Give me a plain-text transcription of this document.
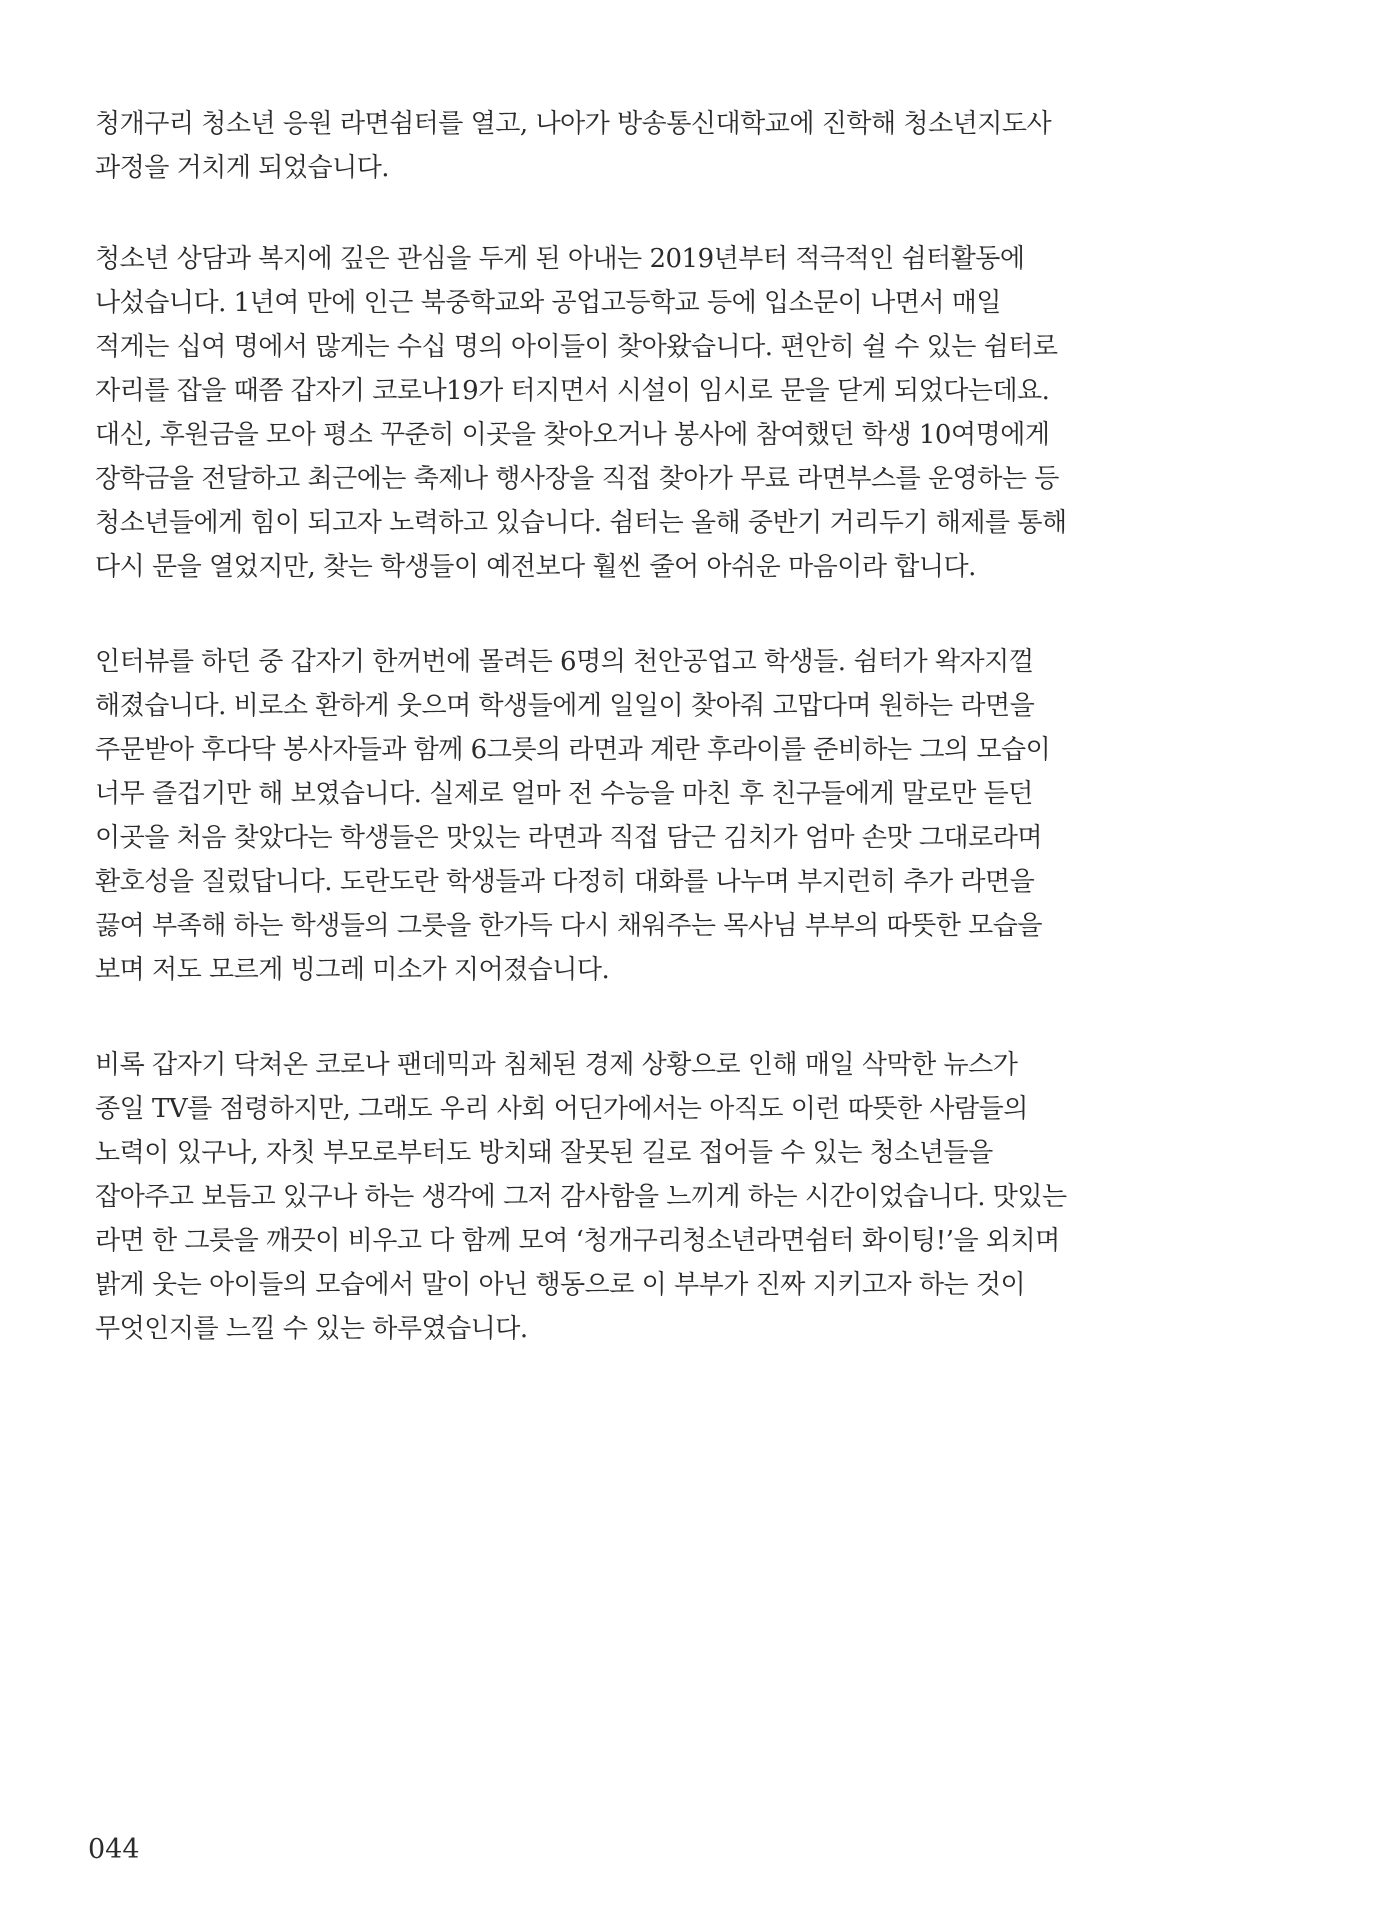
청개구리 청소년 응원 라면쉼터를 열고, 나아가 방송통신대학교에 진학해 청소년지도사
과정을 거치게 되었습니다.
청소년 상담과 복지에 깊은 관심을 두게 된 아내는 2019년부터 적극적인 쉼터활동에
나섰습니다. 1년여 만에 인근 북중학교와 공업고등학교 등에 입소문이 나면서 매일
적게는 십여 명에서 많게는 수십 명의 아이들이 찾아왔습니다. 편안히 쉴 수 있는 쉼터로
자리를 잡을 때쯤 갑자기 코로나19가 터지면서 시설이 임시로 문을 닫게 되었다는데요.
대신, 후원금을 모아 평소 꾸준히 이곳을 찾아오거나 봉사에 참여했던 학생 10여명에게
장학금을 전달하고 최근에는 축제나 행사장을 직접 찾아가 무료 라면부스를 운영하는 등
청소년들에게 힘이 되고자 노력하고 있습니다. 쉼터는 올해 중반기 거리두기 해제를 통해
다시 문을 열었지만, 찾는 학생들이 예전보다 훨씬 줄어 아쉬운 마음이라 합니다.
인터뷰를 하던 중 갑자기 한꺼번에 몰려든 6명의 천안공업고 학생들. 쉼터가 왁자지껄
해졌습니다. 비로소 환하게 웃으며 학생들에게 일일이 찾아줘 고맙다며 원하는 라면을
주문받아 후다닥 봉사자들과 함께 6그릇의 라면과 계란 후라이를 준비하는 그의 모습이
너무 즐겁기만 해 보였습니다. 실제로 얼마 전 수능을 마친 후 친구들에게 말로만 듣던
이곳을 처음 찾았다는 학생들은 맛있는 라면과 직접 담근 김치가 엄마 손맛 그대로라며
환호성을 질렀답니다. 도란도란 학생들과 다정히 대화를 나누며 부지런히 추가 라면을
끓여 부족해 하는 학생들의 그릇을 한가득 다시 채워주는 목사님 부부의 따뜻한 모습을
보며 저도 모르게 빙그레 미소가 지어졌습니다.
비록 갑자기 닥쳐온 코로나 팬데믹과 침체된 경제 상황으로 인해 매일 삭막한 뉴스가
종일 TV를 점령하지만, 그래도 우리 사회 어딘가에서는 아직도 이런 따뜻한 사람들의
노력이 있구나, 자칫 부모로부터도 방치돼 잘못된 길로 접어들 수 있는 청소년들을
잡아주고 보듬고 있구나 하는 생각에 그저 감사함을 느끼게 하는 시간이었습니다. 맛있는
라면 한 그릇을 깨끗이 비우고 다 함께 모여 ‘청개구리청소년라면쉼터 화이팅!’을 외치며
밝게 웃는 아이들의 모습에서 말이 아닌 행동으로 이 부부가 진짜 지키고자 하는 것이
무엇인지를 느낄 수 있는 하루였습니다.
044
